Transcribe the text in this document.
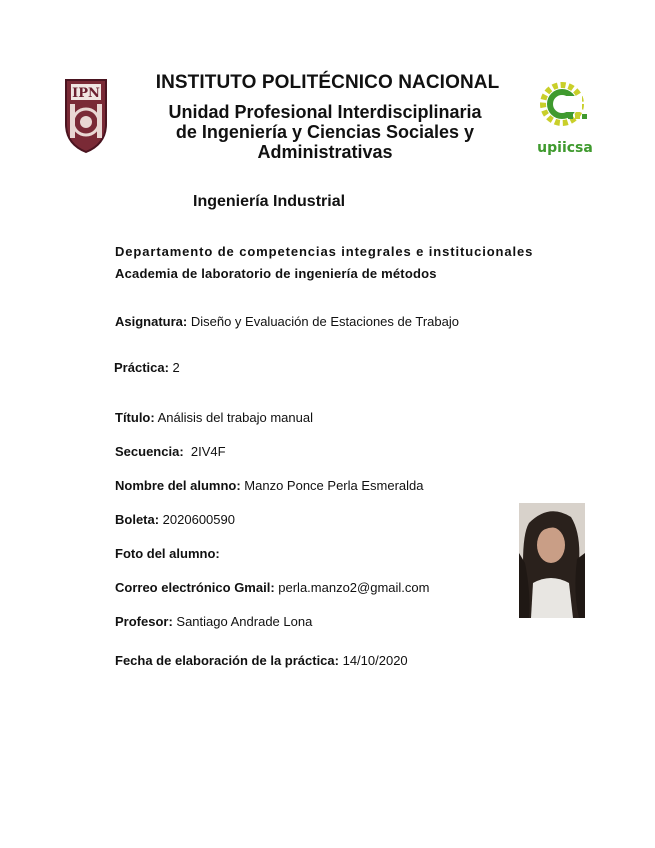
IPN
upiicsa
INSTITUTO POLITÉCNICO NACIONAL
Unidad Profesional Interdisciplinaria
de Ingeniería y Ciencias Sociales y
Administrativas
Ingeniería Industrial
Departamento de competencias integrales e institucionales
Academia de laboratorio de ingeniería de métodos
Asignatura: Diseño y Evaluación de Estaciones de Trabajo
Práctica: 2
Título: Análisis del trabajo manual
Secuencia:  2IV4F
Nombre del alumno: Manzo Ponce Perla Esmeralda
Boleta: 2020600590
Foto del alumno:
Correo electrónico Gmail: perla.manzo2@gmail.com
Profesor: Santiago Andrade Lona
Fecha de elaboración de la práctica: 14/10/2020
